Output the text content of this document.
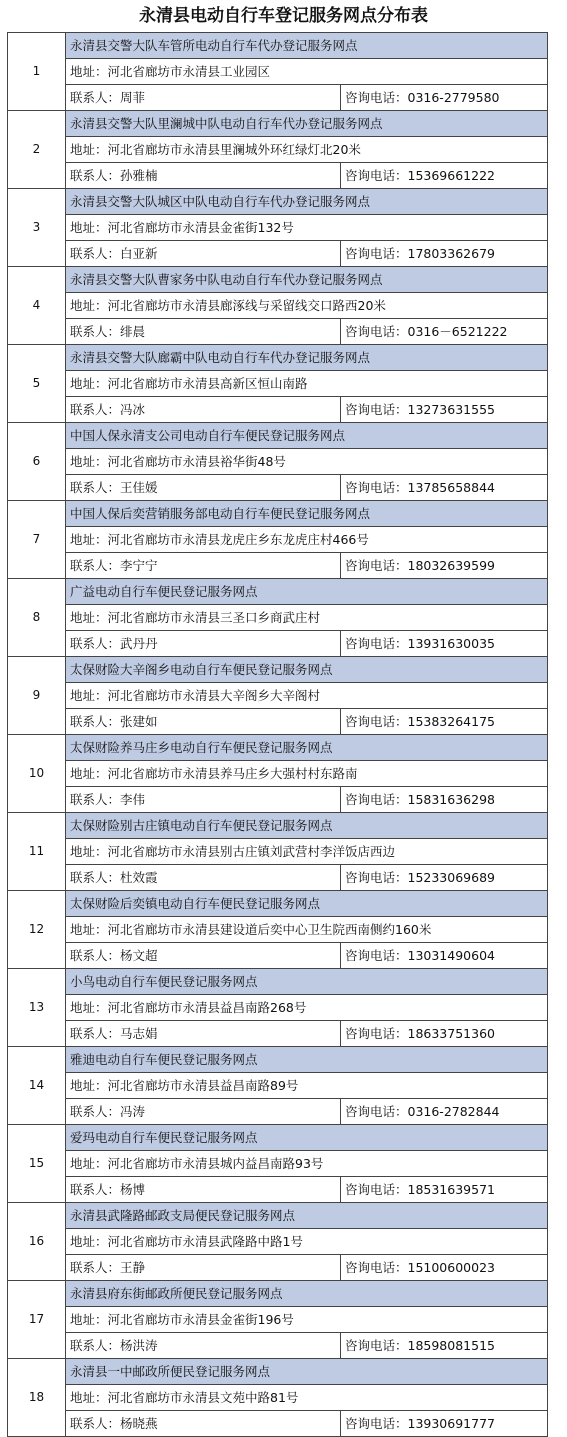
永清县电动自行车登记服务网点分布表
1	永清县交警大队车管所电动自行车代办登记服务网点	
	地址：河北省廊坊市永清县工业园区	
	联系人：周菲	咨询电话：0316-2779580
2	永清县交警大队里澜城中队电动自行车代办登记服务网点	
	地址：河北省廊坊市永清县里澜城外环红绿灯北20米	
	联系人：孙雅楠	咨询电话：15369661222
3	永清县交警大队城区中队电动自行车代办登记服务网点	
	地址：河北省廊坊市永清县金雀街132号	
	联系人：白亚新	咨询电话：17803362679
4	永清县交警大队曹家务中队电动自行车代办登记服务网点	
	地址：河北省廊坊市永清县廊涿线与采留线交口路西20米	
	联系人：绯晨	咨询电话：0316－6521222
5	永清县交警大队廊霸中队电动自行车代办登记服务网点	
	地址：河北省廊坊市永清县高新区恒山南路	
	联系人：冯冰	咨询电话：13273631555
6	中国人保永清支公司电动自行车便民登记服务网点	
	地址：河北省廊坊市永清县裕华街48号	
	联系人：王佳媛	咨询电话：13785658844
7	中国人保后奕营销服务部电动自行车便民登记服务网点	
	地址：河北省廊坊市永清县龙虎庄乡东龙虎庄村466号	
	联系人：李宁宁	咨询电话：18032639599
8	广益电动自行车便民登记服务网点	
	地址：河北省廊坊市永清县三圣口乡商武庄村	
	联系人：武丹丹	咨询电话：13931630035
9	太保财险大辛阁乡电动自行车便民登记服务网点	
	地址：河北省廊坊市永清县大辛阁乡大辛阁村	
	联系人：张建如	咨询电话：15383264175
10	太保财险养马庄乡电动自行车便民登记服务网点	
	地址：河北省廊坊市永清县养马庄乡大强村村东路南	
	联系人：李伟	咨询电话：15831636298
11	太保财险别古庄镇电动自行车便民登记服务网点	
	地址：河北省廊坊市永清县别古庄镇刘武营村李洋饭店西边	
	联系人：杜效霞	咨询电话：15233069689
12	太保财险后奕镇电动自行车便民登记服务网点	
	地址：河北省廊坊市永清县建设道后奕中心卫生院西南侧约160米	
	联系人：杨文超	咨询电话：13031490604
13	小鸟电动自行车便民登记服务网点	
	地址：河北省廊坊市永清县益昌南路268号	
	联系人：马志娟	咨询电话：18633751360
14	雅迪电动自行车便民登记服务网点	
	地址：河北省廊坊市永清县益昌南路89号	
	联系人：冯涛	咨询电话：0316-2782844
15	爱玛电动自行车便民登记服务网点	
	地址：河北省廊坊市永清县城内益昌南路93号	
	联系人：杨博	咨询电话：18531639571
16	永清县武隆路邮政支局便民登记服务网点	
	地址：河北省廊坊市永清县武隆路中路1号	
	联系人：王静	咨询电话：15100600023
17	永清县府东街邮政所便民登记服务网点	
	地址：河北省廊坊市永清县金雀街196号	
	联系人：杨洪涛	咨询电话：18598081515
18	永清县一中邮政所便民登记服务网点	
	地址：河北省廊坊市永清县文苑中路81号	
	联系人：杨晓燕	咨询电话：13930691777
